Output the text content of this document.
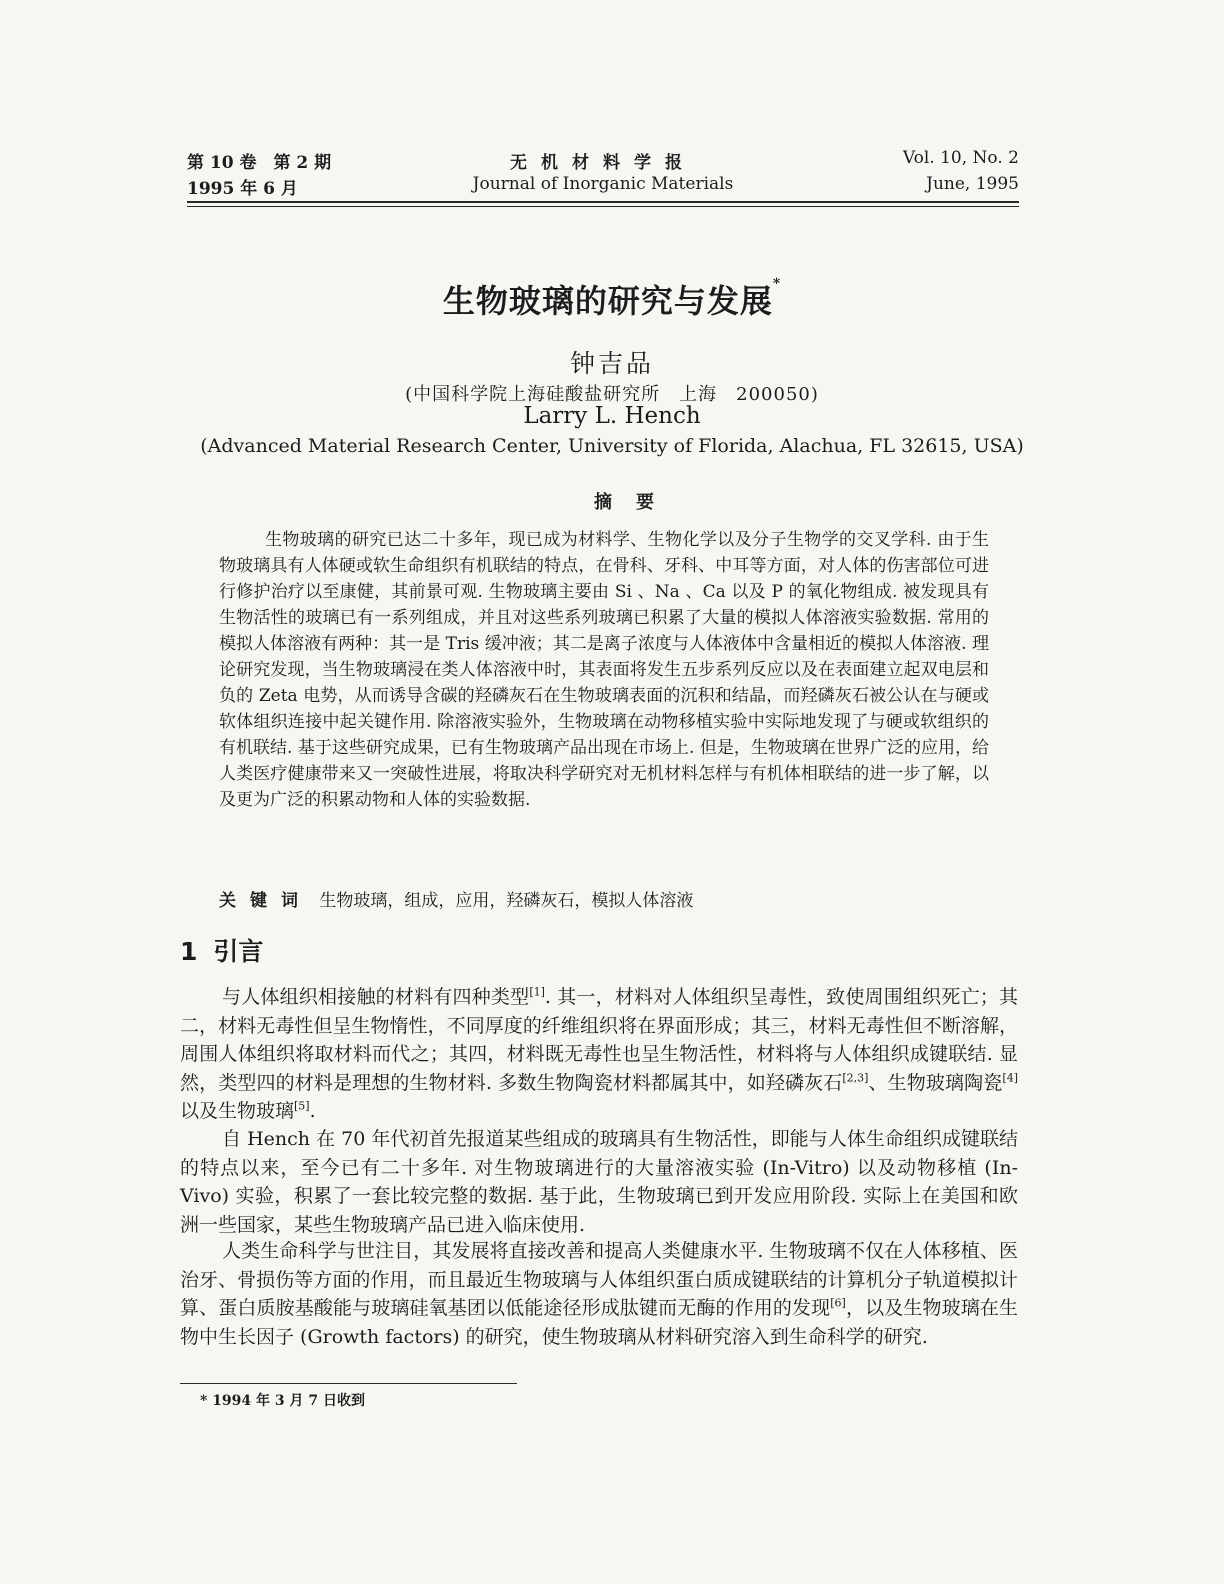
第 10 卷　第 2 期
1995 年 6 月
无机材料学报
Journal of Inorganic Materials
Vol. 10, No. 2
June, 1995
生物玻璃的研究与发展*
钟吉品
(中国科学院上海硅酸盐研究所　上海　200050)
Larry L. Hench
(Advanced Material Research Center, University of Florida, Alachua, FL 32615, USA)
摘要

生物玻璃的研究已达二十多年，现已成为材料学、生物化学以及分子生物学的交叉学科. 由于生物玻璃具有人体硬或软生命组织有机联结的特点，在骨科、牙科、中耳等方面，对人体的伤害部位可进行修护治疗以至康健，其前景可观. 生物玻璃主要由 Si 、Na 、Ca 以及 P 的氧化物组成. 被发现具有生物活性的玻璃已有一系列组成，并且对这些系列玻璃已积累了大量的模拟人体溶液实验数据. 常用的模拟人体溶液有两种：其一是 Tris 缓冲液；其二是离子浓度与人体液体中含量相近的模拟人体溶液. 理论研究发现，当生物玻璃浸在类人体溶液中时，其表面将发生五步系列反应以及在表面建立起双电层和负的 Zeta 电势，从而诱导含碳的羟磷灰石在生物玻璃表面的沉积和结晶，而羟磷灰石被公认在与硬或软体组织连接中起关键作用. 除溶液实验外，生物玻璃在动物移植实验中实际地发现了与硬或软组织的有机联结. 基于这些研究成果，已有生物玻璃产品出现在市场上. 但是，生物玻璃在世界广泛的应用，给人类医疗健康带来又一突破性进展，将取决科学研究对无机材料怎样与有机体相联结的进一步了解，以及更为广泛的积累动物和人体的实验数据.

关键词 生物玻璃，组成，应用，羟磷灰石，模拟人体溶液
1 引言

与人体组织相接触的材料有四种类型[1]. 其一，材料对人体组织呈毒性，致使周围组织死亡；其二，材料无毒性但呈生物惰性，不同厚度的纤维组织将在界面形成；其三，材料无毒性但不断溶解，周围人体组织将取材料而代之；其四，材料既无毒性也呈生物活性，材料将与人体组织成键联结. 显然，类型四的材料是理想的生物材料. 多数生物陶瓷材料都属其中，如羟磷灰石[2,3]、生物玻璃陶瓷[4]以及生物玻璃[5].

自 Hench 在 70 年代初首先报道某些组成的玻璃具有生物活性，即能与人体生命组织成键联结的特点以来，至今已有二十多年. 对生物玻璃进行的大量溶液实验 (In-Vitro) 以及动物移植 (In-Vivo) 实验，积累了一套比较完整的数据. 基于此，生物玻璃已到开发应用阶段. 实际上在美国和欧洲一些国家，某些生物玻璃产品已进入临床使用.

人类生命科学与世注目，其发展将直接改善和提高人类健康水平. 生物玻璃不仅在人体移植、医治牙、骨损伤等方面的作用，而且最近生物玻璃与人体组织蛋白质成键联结的计算机分子轨道模拟计算、蛋白质胺基酸能与玻璃硅氧基团以低能途径形成肽键而无酶的作用的发现[6]，以及生物玻璃在生物中生长因子 (Growth factors) 的研究，使生物玻璃从材料研究溶入到生命科学的研究.

* 1994 年 3 月 7 日收到
